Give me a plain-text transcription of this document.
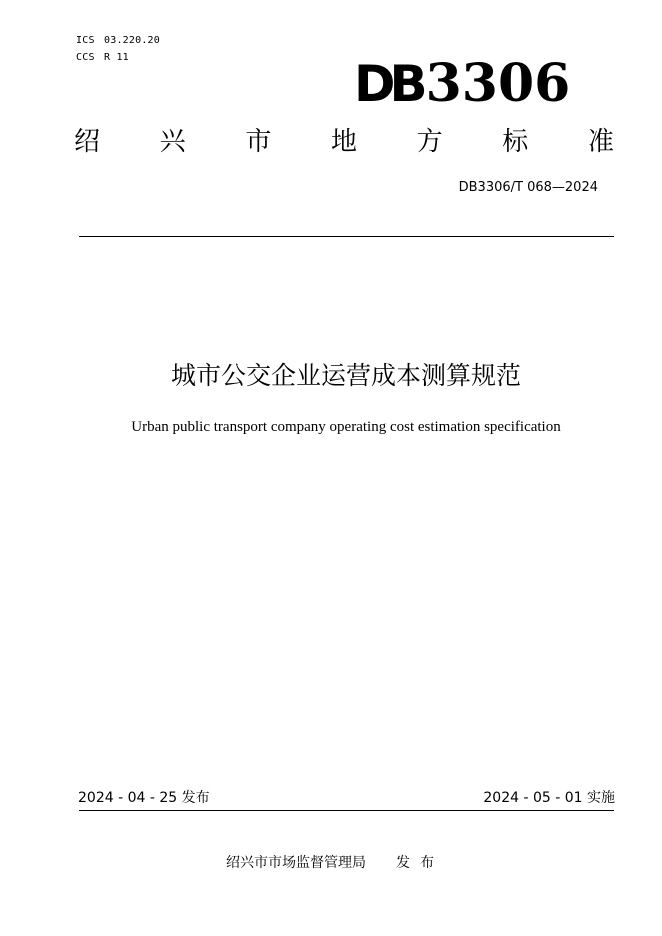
ICS 03.220.20
CCS R 11	DB 3306
绍 兴 市 地 方 标 准
DB3306/T 068—2024
城市公交企业运营成本测算规范
Urban public transport company operating cost estimation specification
2024 - 04 - 25 发布	2024 - 05 - 01 实施
绍兴市市场监督管理局 发布
